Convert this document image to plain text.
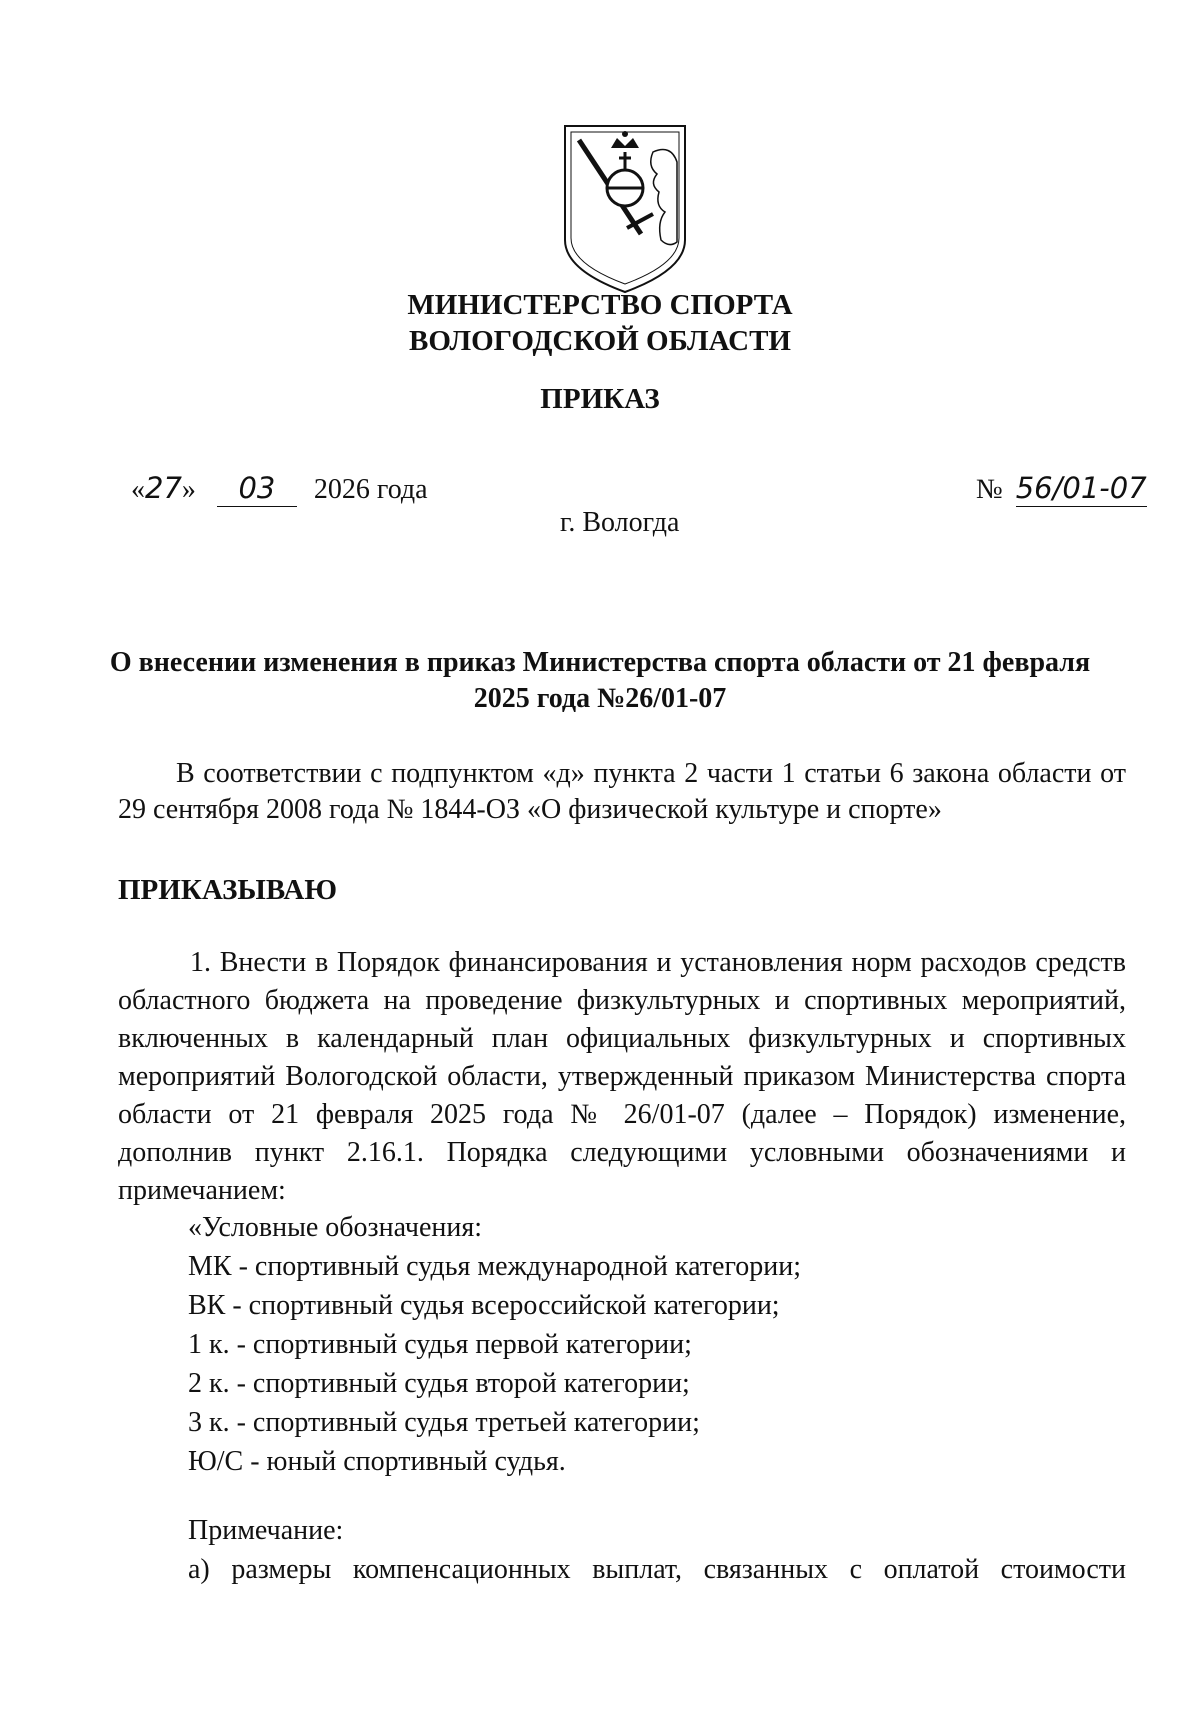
МИНИСТЕРСТВО СПОРТА
ВОЛОГОДСКОЙ ОБЛАСТИ
ПРИКАЗ
«27» 03 2026 года	№ 56/01-07
г. Вологда
О внесении изменения в приказ Министерства спорта области от 21 февраля
2025 года №26/01-07
В соответствии с подпунктом «д» пункта 2 части 1 статьи 6 закона области от
29 сентября 2008 года № 1844-ОЗ «О физической культуре и спорте»
ПРИКАЗЫВАЮ
1. Внести в Порядок финансирования и установления норм расходов средств
областного бюджета на проведение физкультурных и спортивных мероприятий,
включенных в календарный план официальных физкультурных и спортивных
мероприятий Вологодской области, утвержденный приказом Министерства спорта
области от 21 февраля 2025 года № 26/01-07 (далее – Порядок) изменение,
дополнив пункт 2.16.1. Порядка следующими условными обозначениями и
примечанием:
«Условные обозначения:
МК - спортивный судья международной категории;
ВК - спортивный судья всероссийской категории;
1 к. - спортивный судья первой категории;
2 к. - спортивный судья второй категории;
3 к. - спортивный судья третьей категории;
Ю/С - юный спортивный судья.
Примечание:
а) размеры компенсационных выплат, связанных с оплатой стоимости
